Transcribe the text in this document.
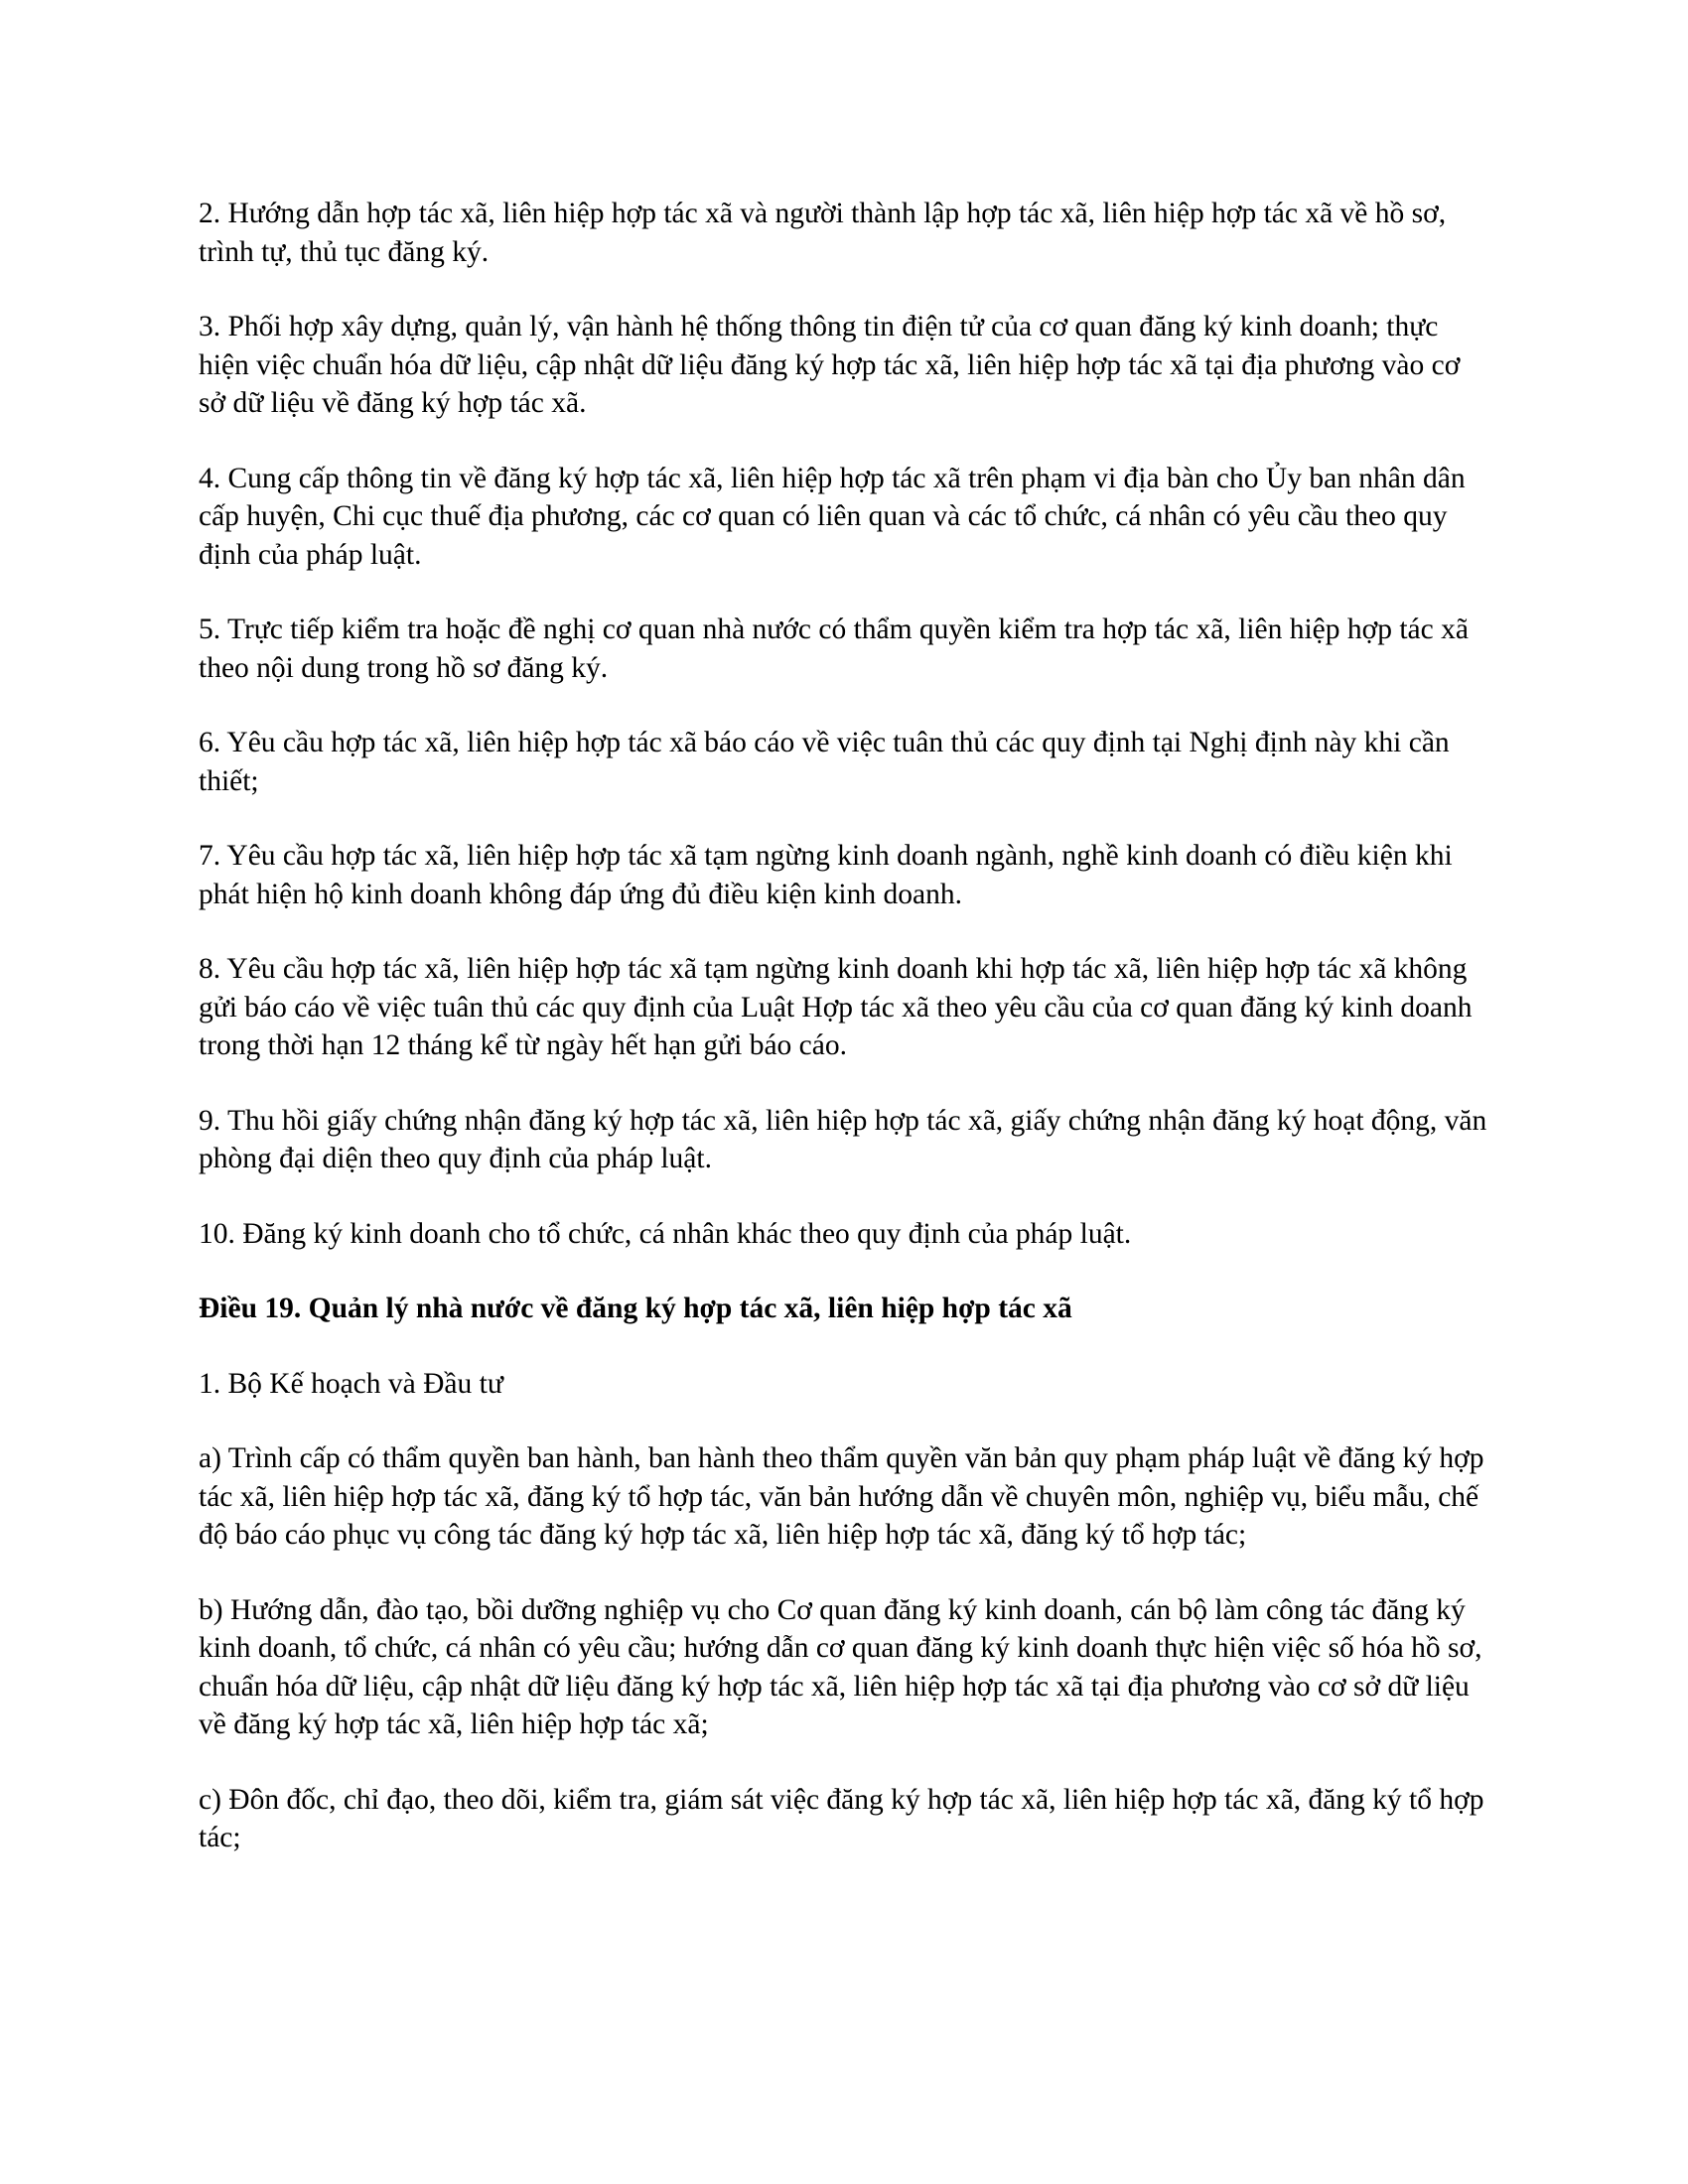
2. Hướng dẫn hợp tác xã, liên hiệp hợp tác xã và người thành lập hợp tác xã, liên hiệp hợp tác xã về hồ sơ, trình tự, thủ tục đăng ký.

3. Phối hợp xây dựng, quản lý, vận hành hệ thống thông tin điện tử của cơ quan đăng ký kinh doanh; thực hiện việc chuẩn hóa dữ liệu, cập nhật dữ liệu đăng ký hợp tác xã, liên hiệp hợp tác xã tại địa phương vào cơ sở dữ liệu về đăng ký hợp tác xã.

4. Cung cấp thông tin về đăng ký hợp tác xã, liên hiệp hợp tác xã trên phạm vi địa bàn cho Ủy ban nhân dân cấp huyện, Chi cục thuế địa phương, các cơ quan có liên quan và các tổ chức, cá nhân có yêu cầu theo quy định của pháp luật.

5. Trực tiếp kiểm tra hoặc đề nghị cơ quan nhà nước có thẩm quyền kiểm tra hợp tác xã, liên hiệp hợp tác xã theo nội dung trong hồ sơ đăng ký.

6. Yêu cầu hợp tác xã, liên hiệp hợp tác xã báo cáo về việc tuân thủ các quy định tại Nghị định này khi cần thiết;

7. Yêu cầu hợp tác xã, liên hiệp hợp tác xã tạm ngừng kinh doanh ngành, nghề kinh doanh có điều kiện khi phát hiện hộ kinh doanh không đáp ứng đủ điều kiện kinh doanh.

8. Yêu cầu hợp tác xã, liên hiệp hợp tác xã tạm ngừng kinh doanh khi hợp tác xã, liên hiệp hợp tác xã không gửi báo cáo về việc tuân thủ các quy định của Luật Hợp tác xã theo yêu cầu của cơ quan đăng ký kinh doanh trong thời hạn 12 tháng kể từ ngày hết hạn gửi báo cáo.

9. Thu hồi giấy chứng nhận đăng ký hợp tác xã, liên hiệp hợp tác xã, giấy chứng nhận đăng ký hoạt động, văn phòng đại diện theo quy định của pháp luật.

10. Đăng ký kinh doanh cho tổ chức, cá nhân khác theo quy định của pháp luật.

Điều 19. Quản lý nhà nước về đăng ký hợp tác xã, liên hiệp hợp tác xã

1. Bộ Kế hoạch và Đầu tư

a) Trình cấp có thẩm quyền ban hành, ban hành theo thẩm quyền văn bản quy phạm pháp luật về đăng ký hợp tác xã, liên hiệp hợp tác xã, đăng ký tổ hợp tác, văn bản hướng dẫn về chuyên môn, nghiệp vụ, biểu mẫu, chế độ báo cáo phục vụ công tác đăng ký hợp tác xã, liên hiệp hợp tác xã, đăng ký tổ hợp tác;

b) Hướng dẫn, đào tạo, bồi dưỡng nghiệp vụ cho Cơ quan đăng ký kinh doanh, cán bộ làm công tác đăng ký kinh doanh, tổ chức, cá nhân có yêu cầu; hướng dẫn cơ quan đăng ký kinh doanh thực hiện việc số hóa hồ sơ, chuẩn hóa dữ liệu, cập nhật dữ liệu đăng ký hợp tác xã, liên hiệp hợp tác xã tại địa phương vào cơ sở dữ liệu về đăng ký hợp tác xã, liên hiệp hợp tác xã;

c) Đôn đốc, chỉ đạo, theo dõi, kiểm tra, giám sát việc đăng ký hợp tác xã, liên hiệp hợp tác xã, đăng ký tổ hợp tác;
